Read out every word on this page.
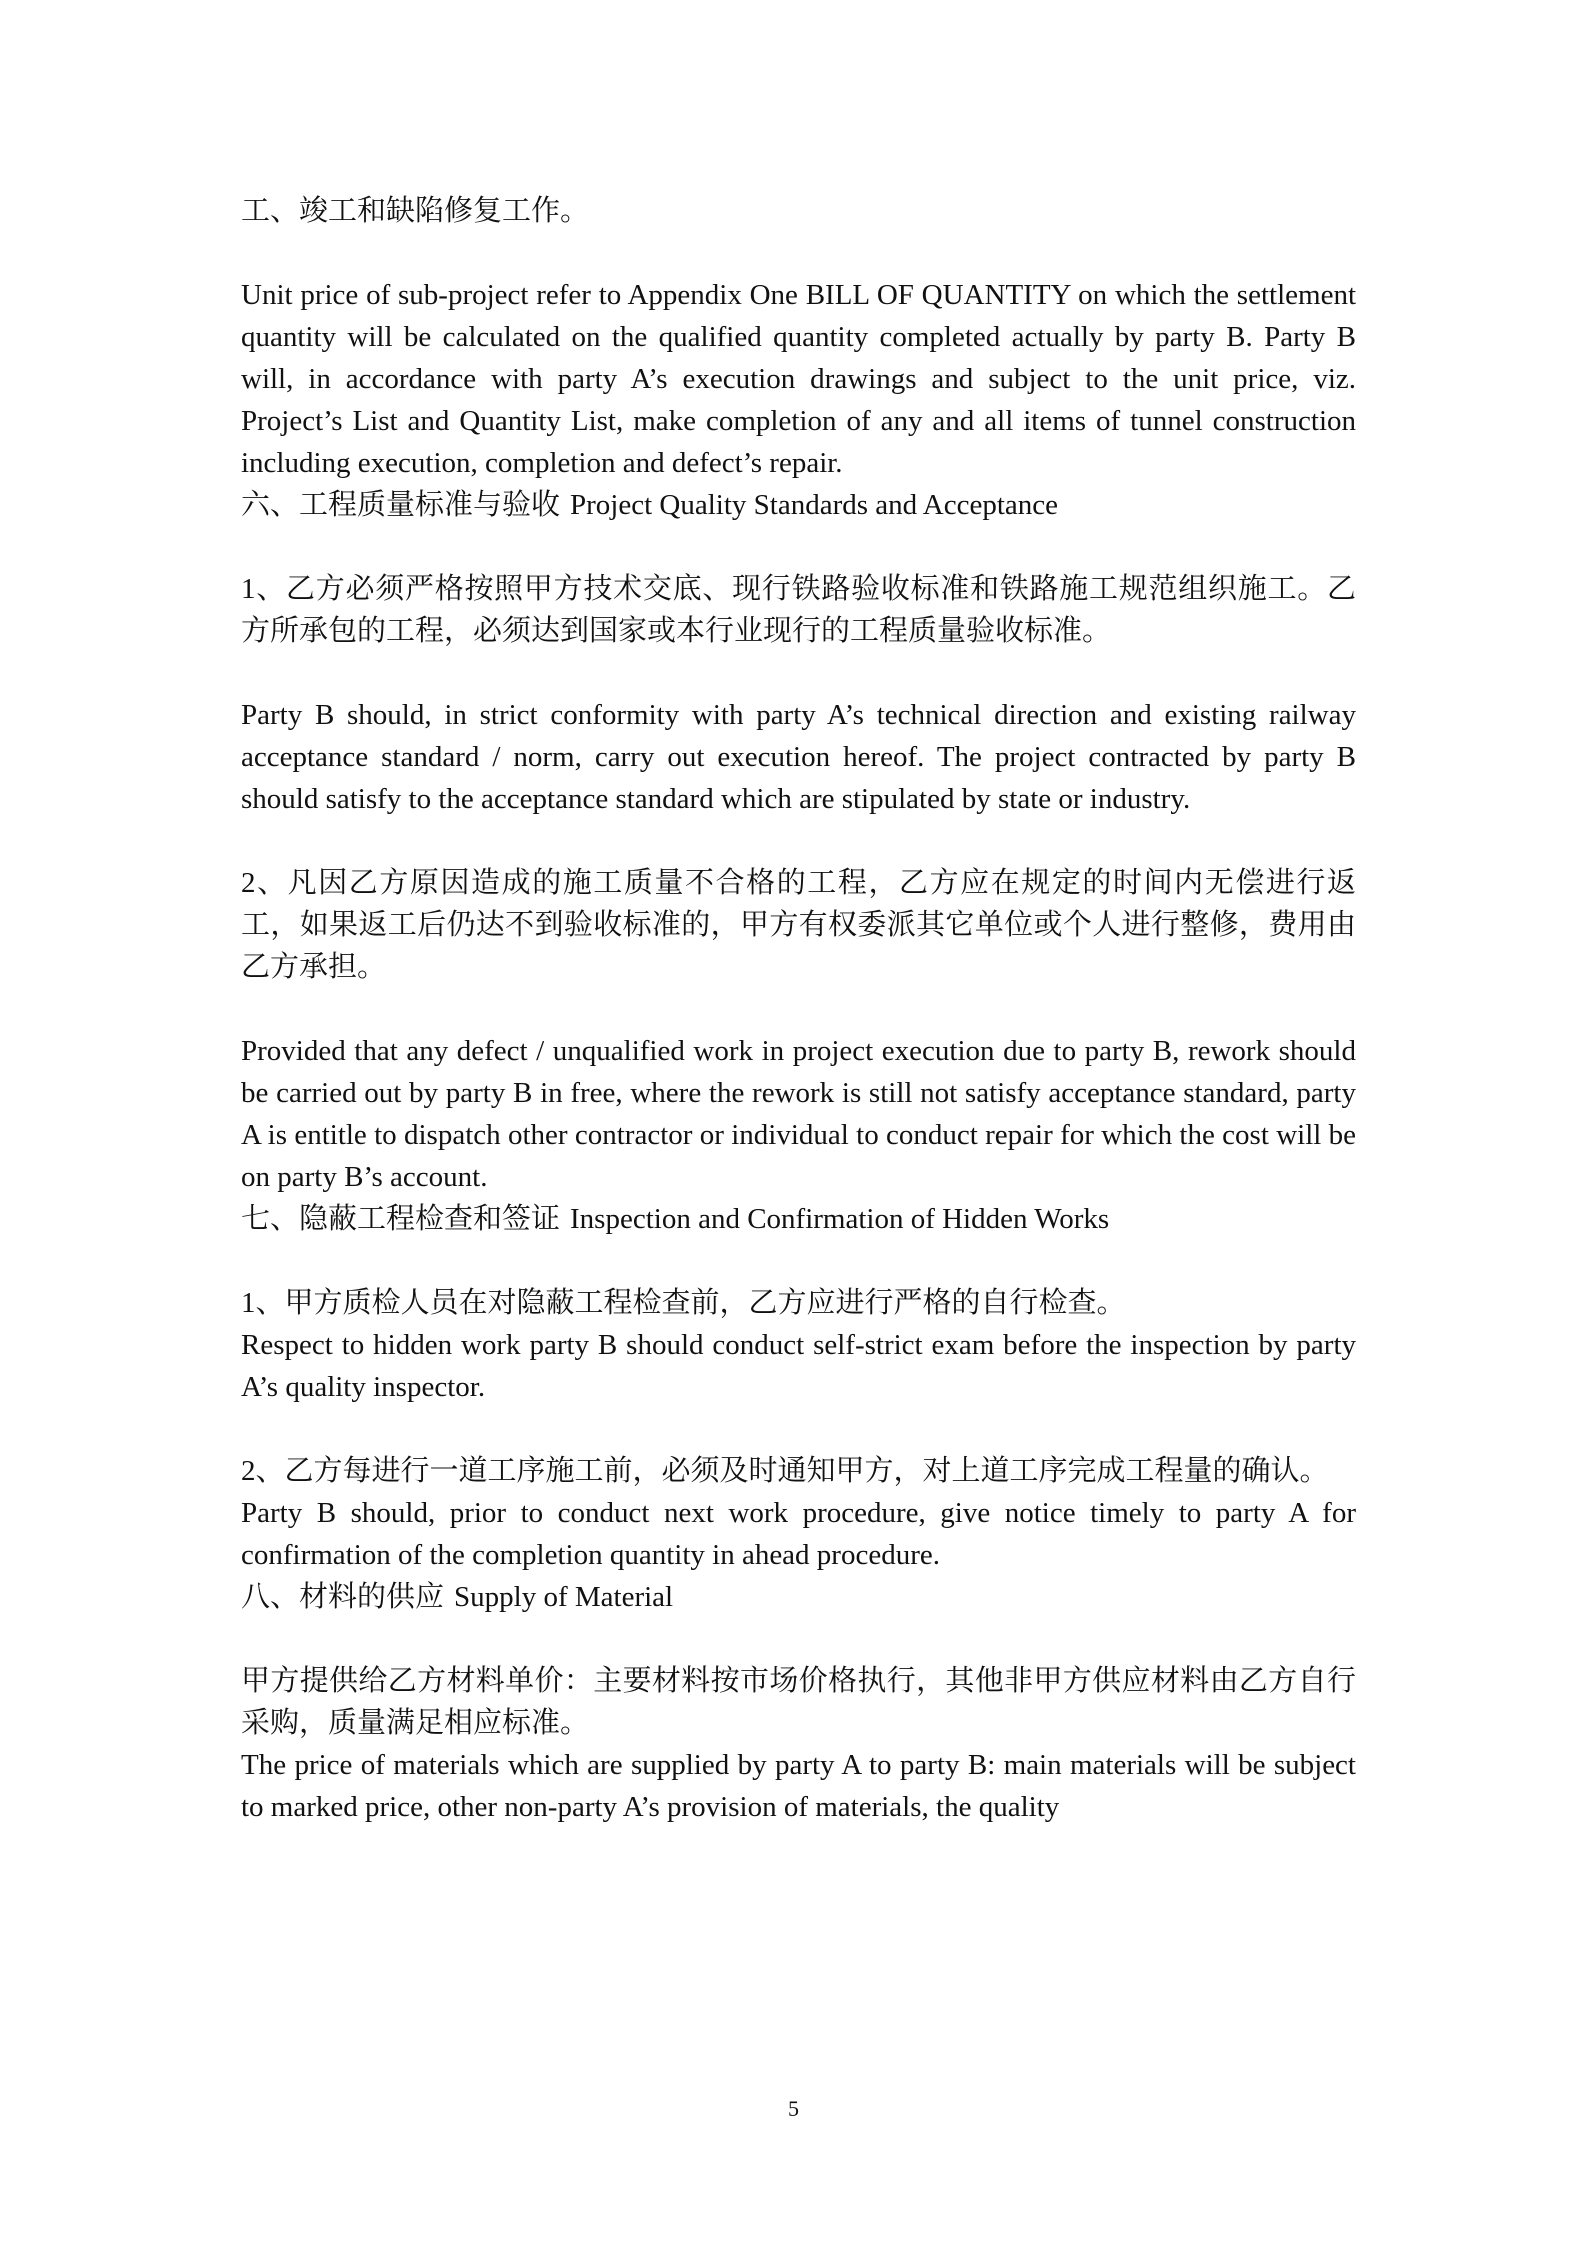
工、竣工和缺陷修复工作。

Unit price of sub-project refer to Appendix One BILL OF QUANTITY on which the settlement quantity will be calculated on the qualified quantity completed actually by party B. Party B will, in accordance with party A’s execution drawings and subject to the unit price, viz. Project’s List and Quantity List, make completion of any and all items of tunnel construction including execution, completion and defect’s repair.

六、工程质量标准与验收 Project Quality Standards and Acceptance

1、乙方必须严格按照甲方技术交底、现行铁路验收标准和铁路施工规范组织施工。乙方所承包的工程，必须达到国家或本行业现行的工程质量验收标准。

Party B should, in strict conformity with party A’s technical direction and existing railway acceptance standard / norm, carry out execution hereof. The project contracted by party B should satisfy to the acceptance standard which are stipulated by state or industry.

2、凡因乙方原因造成的施工质量不合格的工程，乙方应在规定的时间内无偿进行返工，如果返工后仍达不到验收标准的，甲方有权委派其它单位或个人进行整修，费用由乙方承担。

Provided that any defect / unqualified work in project execution due to party B, rework should be carried out by party B in free, where the rework is still not satisfy acceptance standard, party A is entitle to dispatch other contractor or individual to conduct repair for which the cost will be on party B’s account.

七、隐蔽工程检查和签证 Inspection and Confirmation of Hidden Works

1、甲方质检人员在对隐蔽工程检查前，乙方应进行严格的自行检查。

Respect to hidden work party B should conduct self-strict exam before the inspection by party A’s quality inspector.

2、乙方每进行一道工序施工前，必须及时通知甲方，对上道工序完成工程量的确认。

Party B should, prior to conduct next work procedure, give notice timely to party A for confirmation of the completion quantity in ahead procedure.

八、材料的供应 Supply of Material

甲方提供给乙方材料单价：主要材料按市场价格执行，其他非甲方供应材料由乙方自行采购，质量满足相应标准。

The price of materials which are supplied by party A to party B: main materials will be subject to marked price, other non-party A’s provision of materials, the quality

5
